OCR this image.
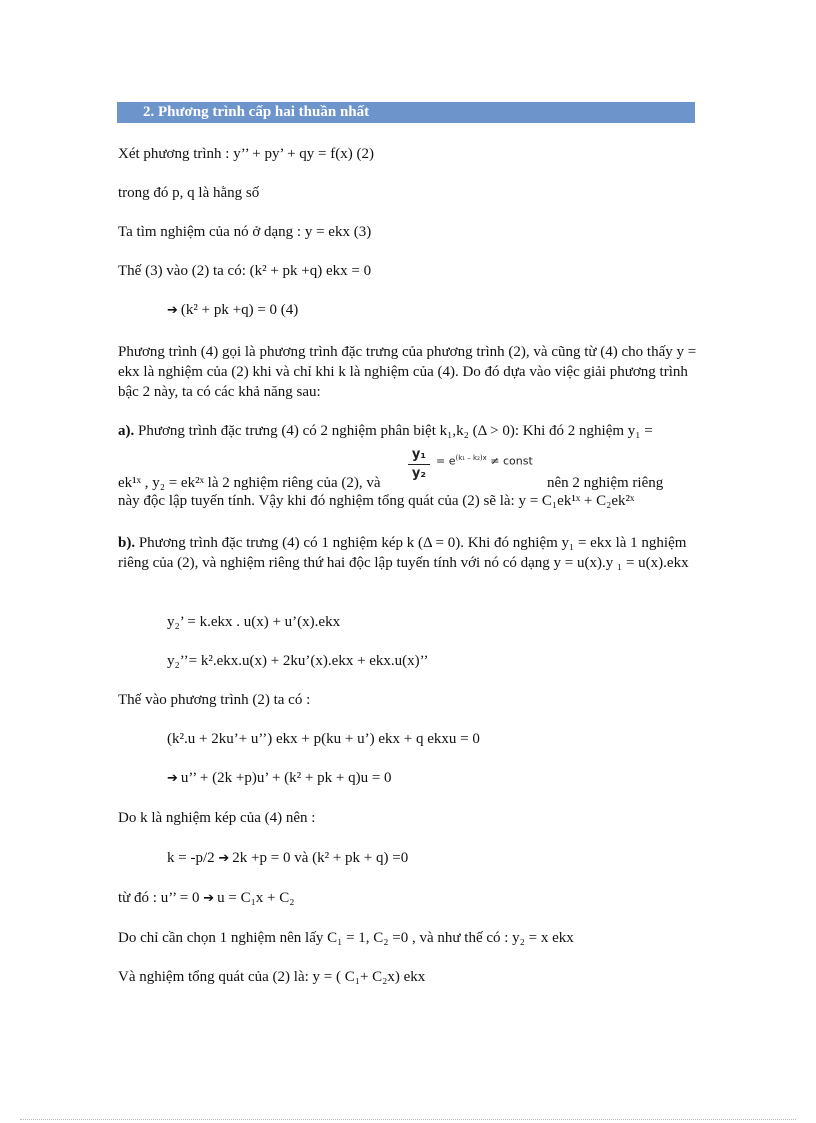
2. Phương trình cấp hai thuần nhất
Xét phương trình : y’’ + py’ + qy = f(x) (2)
trong đó p, q là hằng số
Ta tìm nghiệm của nó ở dạng : y = ekx (3)
Thế (3) vào (2) ta có: (k² + pk +q) ekx = 0
➔ (k² + pk +q) = 0 (4)
Phương trình (4) gọi là phương trình đặc trưng của phương trình (2), và cũng từ (4) cho thấy y = ekx là nghiệm của (2) khi và chỉ khi k là nghiệm của (4). Do đó dựa vào việc giải phương trình bậc 2 này, ta có các khả năng sau:
a). Phương trình đặc trưng (4) có 2 nghiệm phân biệt k₁,k₂ (Δ > 0): Khi đó 2 nghiệm y₁ =
$\frac{\text{y₁}}{\text{y₂}} = e^{(k_1 - k_2)x}$ ≠ const
ek¹ˣ , y₂ = ek²ˣ là 2 nghiệm riêng của (2), và	nên 2 nghiệm riêng
này độc lập tuyến tính. Vậy khi đó nghiệm tổng quát của (2) sẽ là: y = C₁ek¹ˣ + C₂ek²ˣ
b). Phương trình đặc trưng (4) có 1 nghiệm kép k (Δ = 0). Khi đó nghiệm y₁ = ekx là 1 nghiệm riêng của (2), và nghiệm riêng thứ hai độc lập tuyến tính với nó có dạng y = u(x).y ₁ = u(x).ekx
y₂’ = k.ekx . u(x) + u’(x).ekx
y₂’’= k².ekx.u(x) + 2ku’(x).ekx + ekx.u(x)’’
Thế vào phương trình (2) ta có :
(k².u + 2ku’+ u’’) ekx + p(ku + u’) ekx + q ekxu = 0
➔ u’’ + (2k +p)u’ + (k² + pk + q)u = 0
Do k là nghiệm kép của (4) nên :
k = -p/2 ➔ 2k +p = 0 và (k² + pk + q) =0
từ đó : u’’ = 0 ➔ u = C₁x + C₂
Do chỉ cần chọn 1 nghiệm nên lấy C₁ = 1, C₂ =0 , và như thế có : y₂ = x ekx
Và nghiệm tổng quát của (2) là: y = ( C₁+ C₂x) ekx
